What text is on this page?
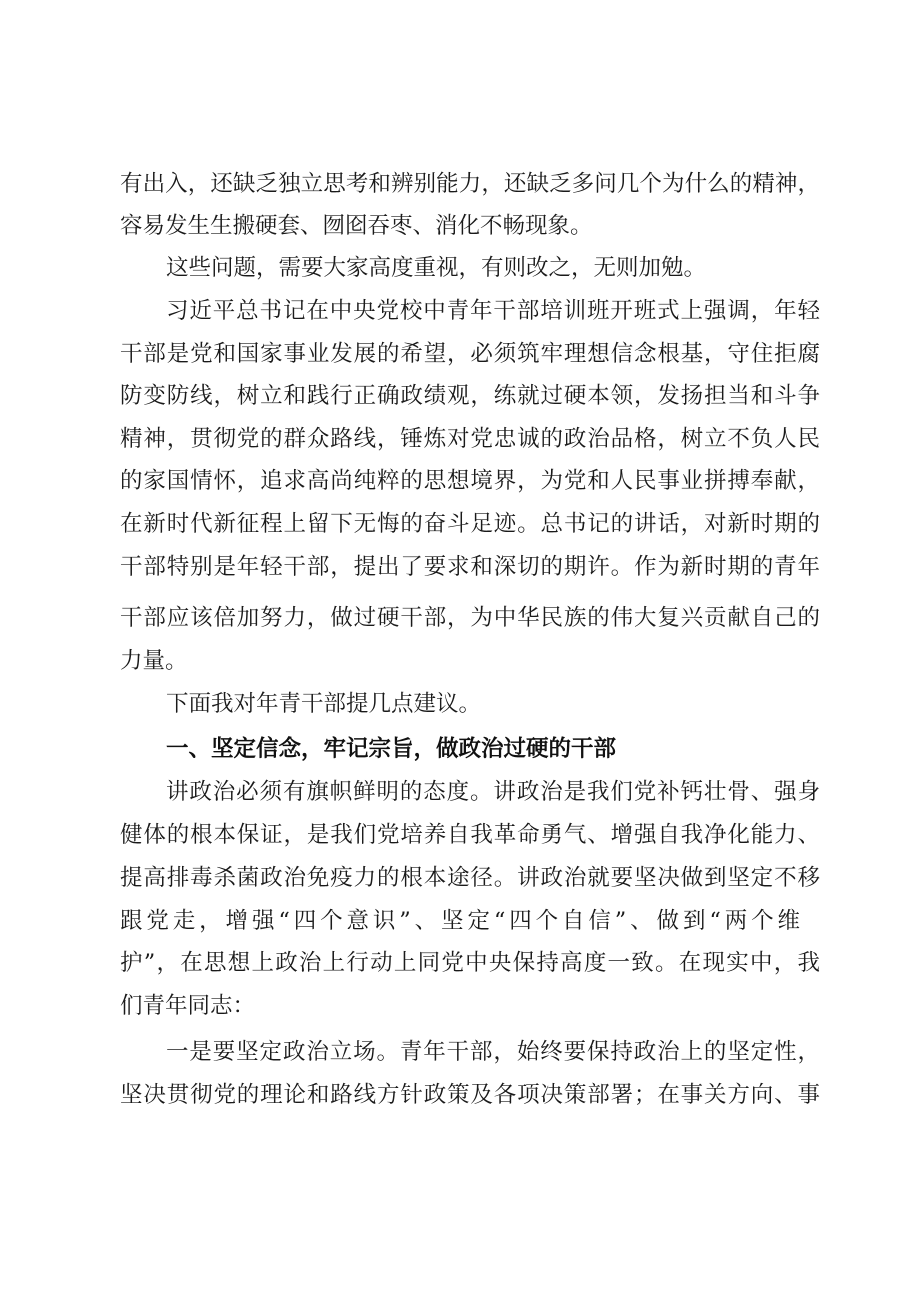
有出入，还缺乏独立思考和辨别能力，还缺乏多问几个为什么的精神，
容易发生生搬硬套、囫囵吞枣、消化不畅现象。
这些问题，需要大家高度重视，有则改之，无则加勉。
习近平总书记在中央党校中青年干部培训班开班式上强调，年轻
干部是党和国家事业发展的希望，必须筑牢理想信念根基，守住拒腐
防变防线，树立和践行正确政绩观，练就过硬本领，发扬担当和斗争
精神，贯彻党的群众路线，锤炼对党忠诚的政治品格，树立不负人民
的家国情怀，追求高尚纯粹的思想境界，为党和人民事业拼搏奉献，
在新时代新征程上留下无悔的奋斗足迹。总书记的讲话，对新时期的
干部特别是年轻干部，提出了要求和深切的期许。作为新时期的青年
干部应该倍加努力，做过硬干部，为中华民族的伟大复兴贡献自己的
力量。
下面我对年青干部提几点建议。
一、坚定信念，牢记宗旨，做政治过硬的干部
讲政治必须有旗帜鲜明的态度。讲政治是我们党补钙壮骨、强身
健体的根本保证，是我们党培养自我革命勇气、增强自我净化能力、
提高排毒杀菌政治免疫力的根本途径。讲政治就要坚决做到坚定不移
跟党走，增强“四个意识”、坚定“四个自信”、做到“两个维
护”，在思想上政治上行动上同党中央保持高度一致。在现实中，我
们青年同志：
一是要坚定政治立场。青年干部，始终要保持政治上的坚定性，
坚决贯彻党的理论和路线方针政策及各项决策部署；在事关方向、事
